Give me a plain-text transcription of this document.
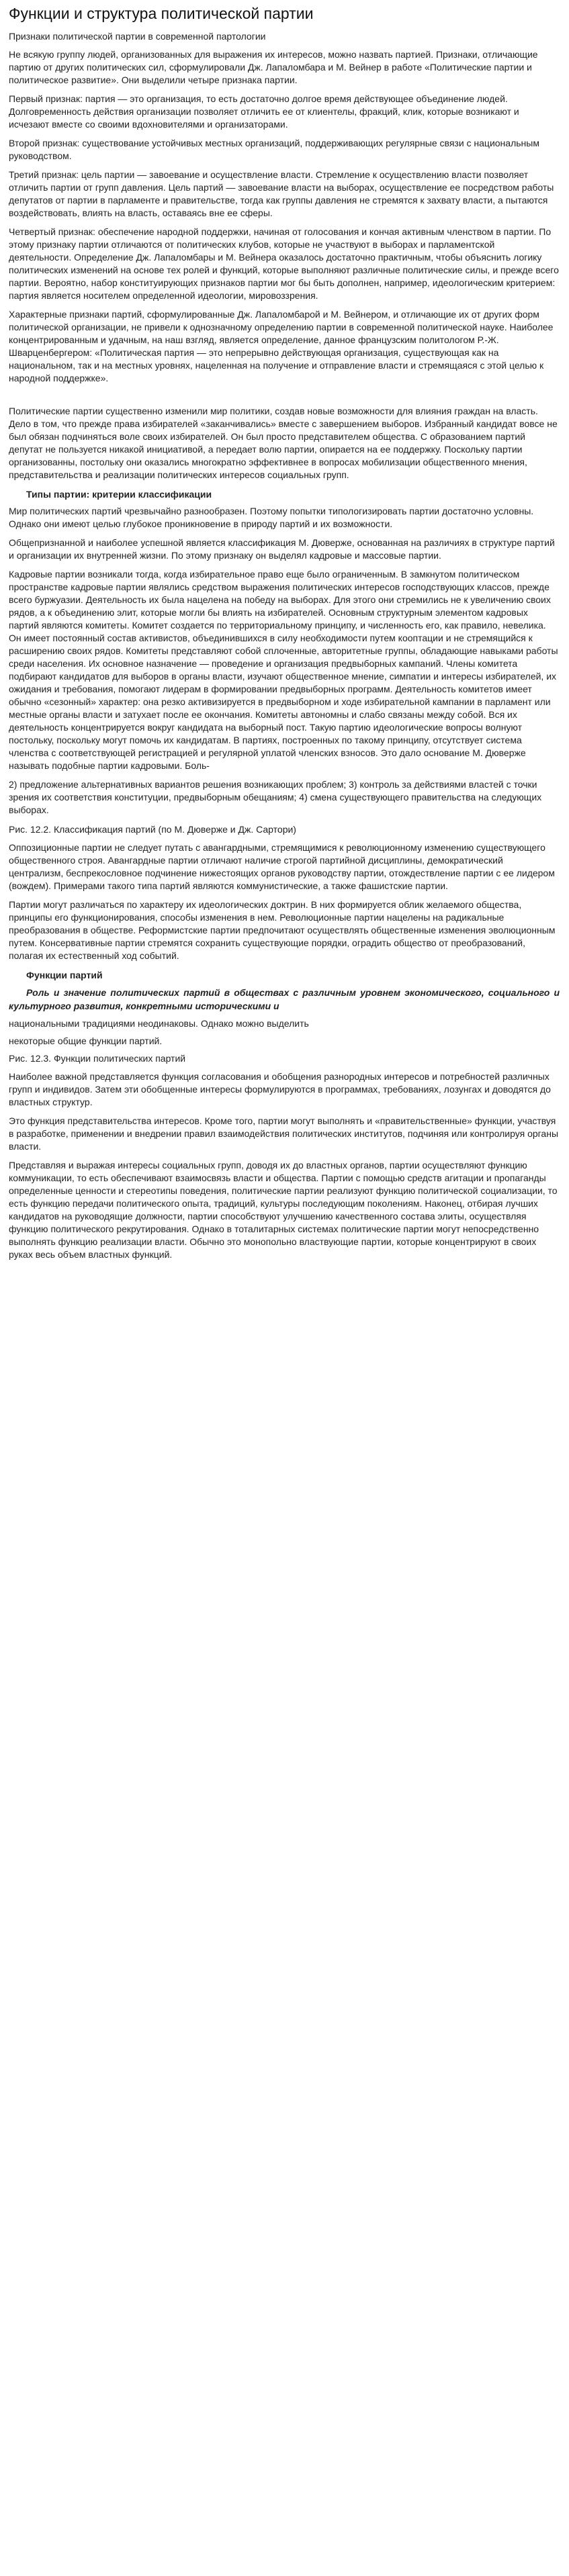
Функции и структура политической партии
Признаки политической партии в современной партологии

Не всякую группу людей, организованных для выражения их интересов, можно назвать партией. Признаки, отличающие партию от других политических сил, сформулировали Дж. Лапаломбара и М. Вейнер в работе «Политические партии и политическое развитие». Они выделили четыре признака партии.

Первый признак: партия — это организация, то есть достаточно долгое время действующее объединение людей. Долговременность действия организации позволяет отличить ее от клиентелы, фракций, клик, которые возникают и исчезают вместе со своими вдохновителями и организаторами.

Второй признак: существование устойчивых местных организаций, поддерживающих регулярные связи с национальным руководством.

Третий признак: цель партии — завоевание и осуществление власти. Стремление к осуществлению власти позволяет отличить партии от групп давления. Цель партий — завоевание власти на выборах, осуществление ее посредством работы депутатов от партии в парламенте и правительстве, тогда как группы давления не стремятся к захвату власти, а пытаются воздействовать, влиять на власть, оставаясь вне ее сферы.

Четвертый признак: обеспечение народной поддержки, начиная от голосования и кончая активным членством в партии. По этому признаку партии отличаются от политических клубов, которые не участвуют в выборах и парламентской деятельности. Определение Дж. Лапаломбары и М. Вейнера оказалось достаточно практичным, чтобы объяснить логику политических изменений на основе тех ролей и функций, которые выполняют различные политические силы, и прежде всего партии. Вероятно, набор конституирующих признаков партии мог бы быть дополнен, например, идеологическим критерием: партия является носителем определенной идеологии, мировоззрения.

Характерные признаки партий, сформулированные Дж. Лапаломбарой и М. Вейнером, и отличающие их от других форм политической организации, не привели к однозначному определению партии в современной политической науке. Наиболее концентрированным и удачным, на наш взгляд, является определение, данное французским политологом Р.-Ж. Шварценбергером: «Политическая партия — это непрерывно действующая организация, существующая как на национальном, так и на местных уровнях, нацеленная на получение и отправление власти и стремящаяся с этой целью к народной поддержке».

Политические партии существенно изменили мир политики, создав новые возможности для влияния граждан на власть. Дело в том, что прежде права избирателей «заканчивались» вместе с завершением выборов. Избранный кандидат вовсе не был обязан подчиняться воле своих избирателей. Он был просто представителем общества. С образованием партий депутат не пользуется никакой инициативой, а передает волю партии, опирается на ее поддержку. Поскольку партии организованны, постольку они оказались многократно эффективнее в вопросах мобилизации общественного мнения, представительства и реализации политических интересов социальных групп.

Типы партии: критерии классификации

Мир политических партий чрезвычайно разнообразен. Поэтому попытки типологизировать партии достаточно условны. Однако они имеют целью глубокое проникновение в природу партий и их возможности.

Общепризнанной и наиболее успешной является классификация М. Дюверже, основанная на различиях в структуре партий и организации их внутренней жизни. По этому признаку он выделял кадровые и массовые партии.

Кадровые партии возникали тогда, когда избирательное право еще было ограниченным. В замкнутом политическом пространстве кадровые партии являлись средством выражения политических интересов господствующих классов, прежде всего буржуазии. Деятельность их была нацелена на победу на выборах. Для этого они стремились не к увеличению своих рядов, а к объединению элит, которые могли бы влиять на избирателей. Основным структурным элементом кадровых партий являются комитеты. Комитет создается по территориальному принципу, и численность его, как правило, невелика. Он имеет постоянный состав активистов, объединившихся в силу необходимости путем кооптации и не стремящийся к расширению своих рядов. Комитеты представляют собой сплоченные, авторитетные группы, обладающие навыками работы среди населения. Их основное назначение — проведение и организация предвыборных кампаний. Члены комитета подбирают кандидатов для выборов в органы власти, изучают общественное мнение, симпатии и интересы избирателей, их ожидания и требования, помогают лидерам в формировании предвыборных программ. Деятельность комитетов имеет обычно «сезонный» характер: она резко активизируется в предвыборном и ходе избирательной кампании в парламент или местные органы власти и затухает после ее окончания. Комитеты автономны и слабо связаны между собой. Вся их деятельность концентрируется вокруг кандидата на выборный пост. Такую партию идеологические вопросы волнуют постольку, поскольку могут помочь их кандидатам. В партиях, построенных по такому принципу, отсутствует система членства с соответствующей регистрацией и регулярной уплатой членских взносов. Это дало основание М. Дюверже называть подобные партии кадровыми. Боль-

2) предложение альтернативных вариантов решения возникающих проблем; 3) контроль за действиями властей с точки зрения их соответствия конституции, предвыборным обещаниям; 4) смена существующего правительства на следующих выборах.

Рис. 12.2. Классификация партий (по М. Дюверже и Дж. Сартори)

Оппозиционные партии не следует путать с авангардными, стремящимися к революционному изменению существующего общественного строя. Авангардные партии отличают наличие строгой партийной дисциплины, демократический централизм, беспрекословное подчинение нижестоящих органов руководству партии, отождествление партии с ее лидером (вождем). Примерами такого типа партий являются коммунистические, а также фашистские партии.

Партии могут различаться по характеру их идеологических доктрин. В них формируется облик желаемого общества, принципы его функционирования, способы изменения в нем. Революционные партии нацелены на радикальные преобразования в обществе. Реформистские партии предпочитают осуществлять общественные изменения эволюционным путем. Консервативные партии стремятся сохранить существующие порядки, оградить общество от преобразований, полагая их естественный ход событий.

Функции партий
Роль и значение политических партий в обществах с различным уровнем экономического, социального и культурного развития, конкретными историческими и
национальными традициями неодинаковы. Однако можно выделить
некоторые общие функции партий.
Рис. 12.3. Функции политических партий

Наиболее важной представляется функция согласования и обобщения разнородных интересов и потребностей различных групп и индивидов. Затем эти обобщенные интересы формулируются в программах, требованиях, лозунгах и доводятся до властных структур.

Это функция представительства интересов. Кроме того, партии могут выполнять и «правительственные» функции, участвуя в разработке, применении и внедрении правил взаимодействия политических институтов, подчиняя или контролируя органы власти.

Представляя и выражая интересы социальных групп, доводя их до властных органов, партии осуществляют функцию коммуникации, то есть обеспечивают взаимосвязь власти и общества. Партии с помощью средств агитации и пропаганды определенные ценности и стереотипы поведения, политические партии реализуют функцию политической социализации, то есть функцию передачи политического опыта, традиций, культуры последующим поколениям. Наконец, отбирая лучших кандидатов на руководящие должности, партии способствуют улучшению качественного состава элиты, осуществляя функцию политического рекрутирования. Однако в тоталитарных системах политические партии могут непосредственно выполнять функцию реализации власти. Обычно это монопольно властвующие партии, которые концентрируют в своих руках весь объем властных функций.
